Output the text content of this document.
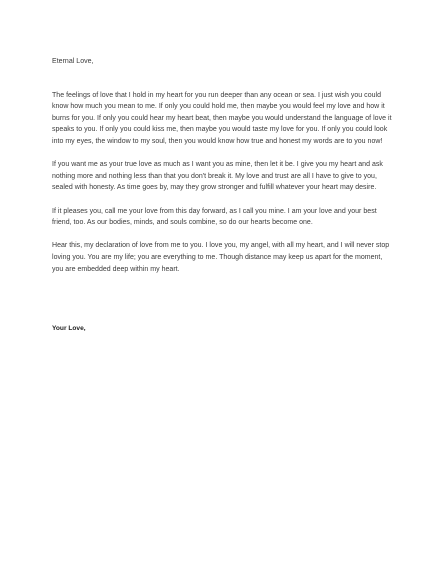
Eternal Love,

The feelings of love that I hold in my heart for you run deeper than any ocean or sea. I just wish you could know how much you mean to me. If only you could hold me, then maybe you would feel my love and how it burns for you. If only you could hear my heart beat, then maybe you would understand the language of love it speaks to you. If only you could kiss me, then maybe you would taste my love for you. If only you could look into my eyes, the window to my soul, then you would know how true and honest my words are to you now!

If you want me as your true love as much as I want you as mine, then let it be. I give you my heart and ask nothing more and nothing less than that you don't break it. My love and trust are all I have to give to you, sealed with honesty. As time goes by, may they grow stronger and fulfill whatever your heart may desire.

If it pleases you, call me your love from this day forward, as I call you mine. I am your love and your best friend, too. As our bodies, minds, and souls combine, so do our hearts become one.

Hear this, my declaration of love from me to you. I love you, my angel, with all my heart, and I will never stop loving you. You are my life; you are everything to me. Though distance may keep us apart for the moment, you are embedded deep within my heart.

Your Love,
